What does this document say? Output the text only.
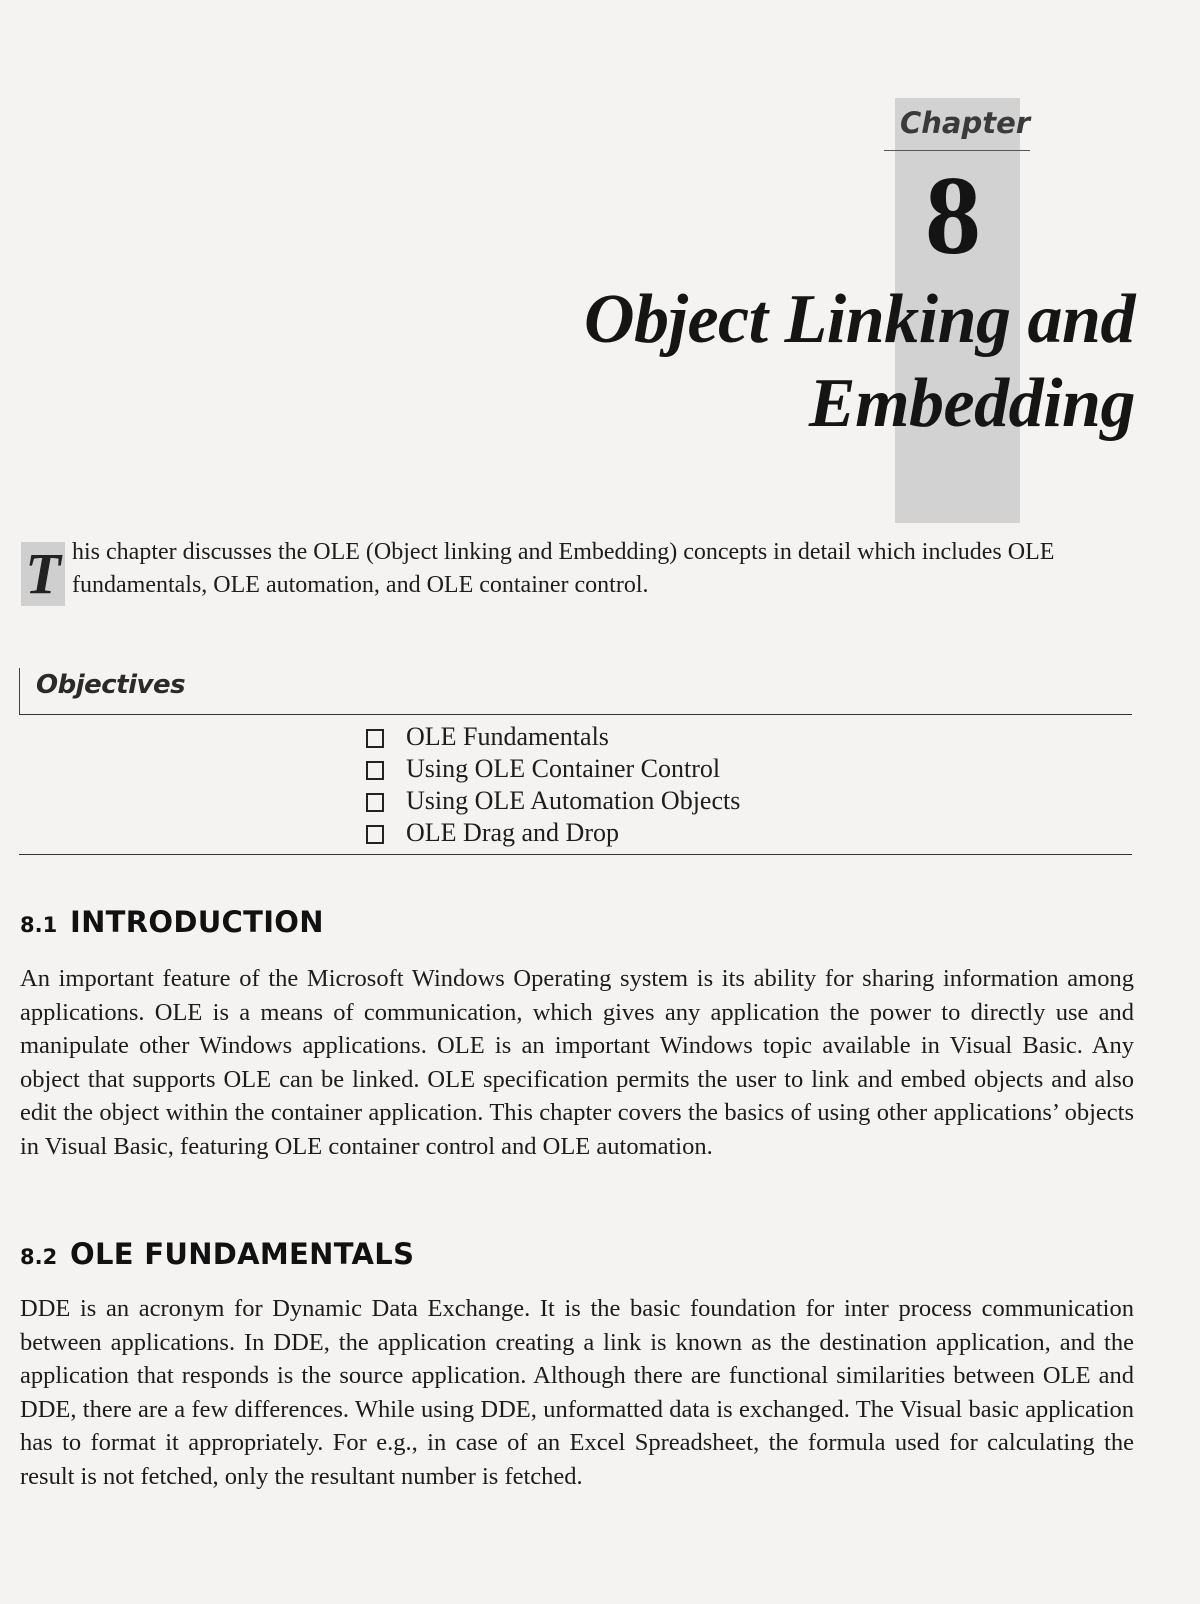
Chapter
8
Object Linking and
Embedding
T his chapter discusses the OLE (Object linking and Embedding) concepts in detail which includes OLE fundamentals, OLE automation, and OLE container control.
Objectives
OLE Fundamentals
Using OLE Container Control
Using OLE Automation Objects
OLE Drag and Drop
8.1 INTRODUCTION
An important feature of the Microsoft Windows Operating system is its ability for sharing information among applications. OLE is a means of communication, which gives any application the power to directly use and manipulate other Windows applications. OLE is an important Windows topic available in Visual Basic. Any object that supports OLE can be linked. OLE specification permits the user to link and embed objects and also edit the object within the container application. This chapter covers the basics of using other applications’ objects in Visual Basic, featuring OLE container control and OLE automation.
8.2 OLE FUNDAMENTALS
DDE is an acronym for Dynamic Data Exchange. It is the basic foundation for inter process communication between applications. In DDE, the application creating a link is known as the destination application, and the application that responds is the source application. Although there are functional similarities between OLE and DDE, there are a few differences. While using DDE, unformatted data is exchanged. The Visual basic application has to format it appropriately. For e.g., in case of an Excel Spreadsheet, the formula used for calculating the result is not fetched, only the resultant number is fetched.
